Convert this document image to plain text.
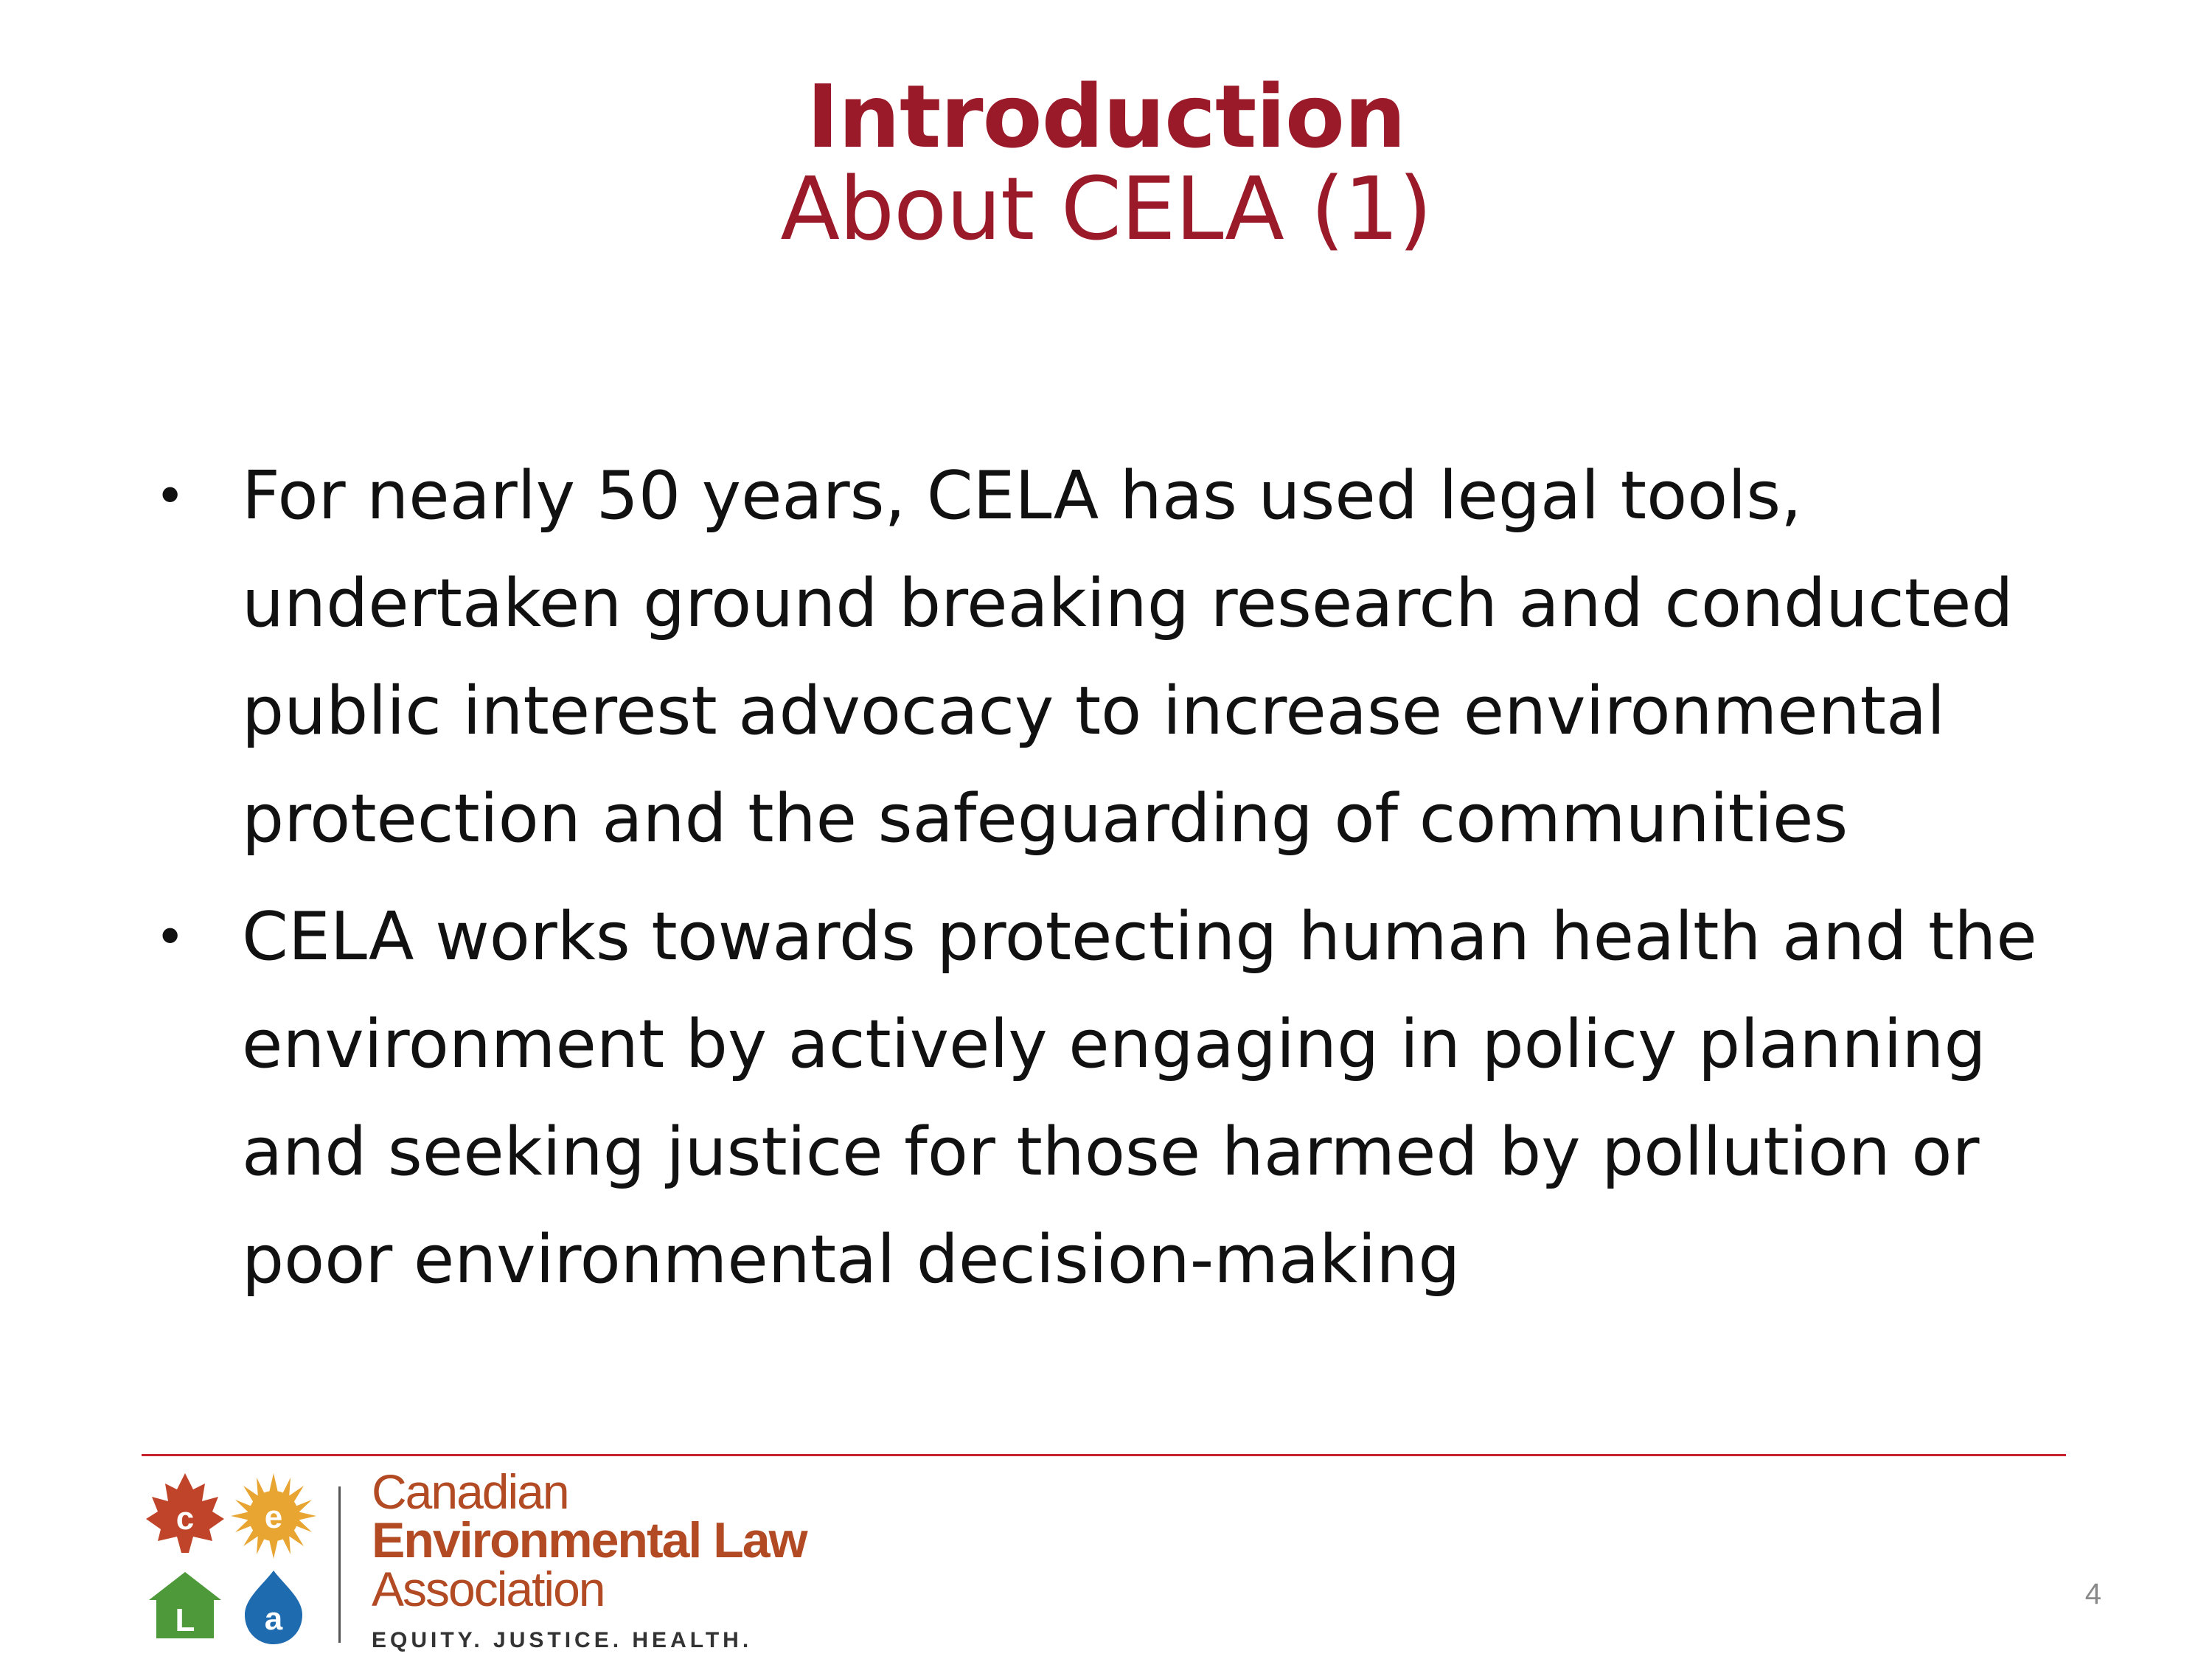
Introduction
About CELA (1)
• For nearly 50 years, CELA has used legal tools, undertaken ground breaking research and conducted public interest advocacy to increase environmental protection and the safeguarding of communities
• CELA works towards protecting human health and the environment by actively engaging in policy planning and seeking justice for those harmed by pollution or poor environmental decision-making
c e
L a
Canadian
Environmental Law
Association
EQUITY. JUSTICE. HEALTH.
4
